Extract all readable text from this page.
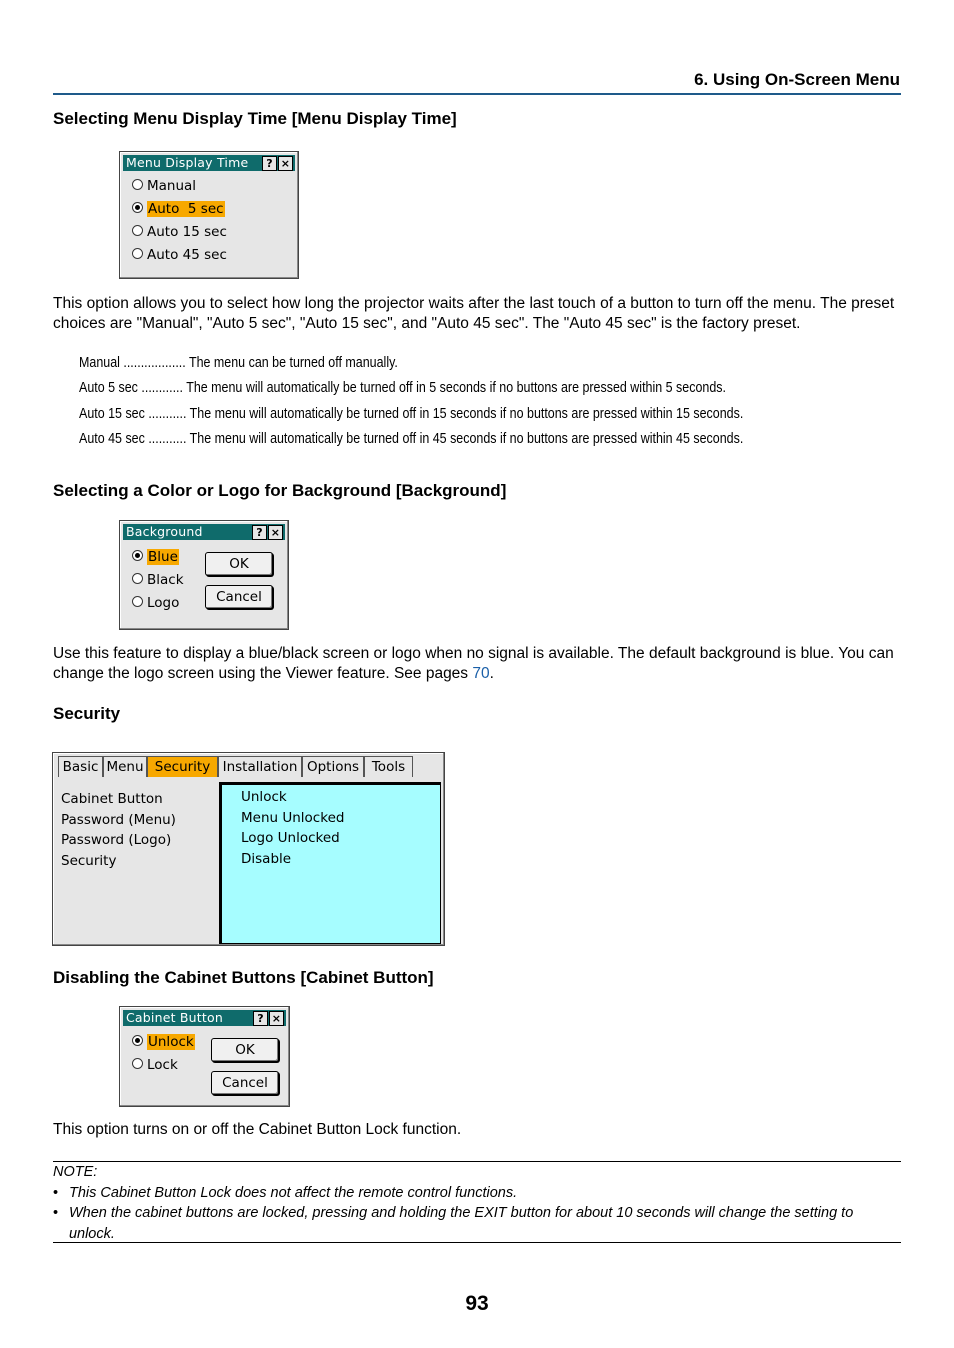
6. Using On-Screen Menu
Selecting Menu Display Time [Menu Display Time]
Menu Display Time	? ×
Manual
Auto  5 sec
Auto 15 sec
Auto 45 sec
This option allows you to select how long the projector waits after the last touch of a button to turn off the menu. The preset choices are "Manual", "Auto 5 sec", "Auto 15 sec", and "Auto 45 sec". The "Auto 45 sec" is the factory preset.
Manual .................. The menu can be turned off manually.
Auto 5 sec ............ The menu will automatically be turned off in 5 seconds if no buttons are pressed within 5 seconds.
Auto 15 sec ........... The menu will automatically be turned off in 15 seconds if no buttons are pressed within 15 seconds.
Auto 45 sec ........... The menu will automatically be turned off in 45 seconds if no buttons are pressed within 45 seconds.
Selecting a Color or Logo for Background [Background]
Background	? ×
Blue
Black
Logo
OK
Cancel
Use this feature to display a blue/black screen or logo when no signal is available. The default background is blue. You can change the logo screen using the Viewer feature. See pages 70.
Security
Basic Menu Security Installation Options Tools
Cabinet Button
Password (Menu)
Password (Logo)
Security
Unlock
Menu Unlocked
Logo Unlocked
Disable
Disabling the Cabinet Buttons [Cabinet Button]
Cabinet Button	? ×
Unlock
Lock
OK
Cancel
This option turns on or off the Cabinet Button Lock function.
NOTE:
• This Cabinet Button Lock does not affect the remote control functions.
• When the cabinet buttons are locked, pressing and holding the EXIT button for about 10 seconds will change the setting to unlock.
93
